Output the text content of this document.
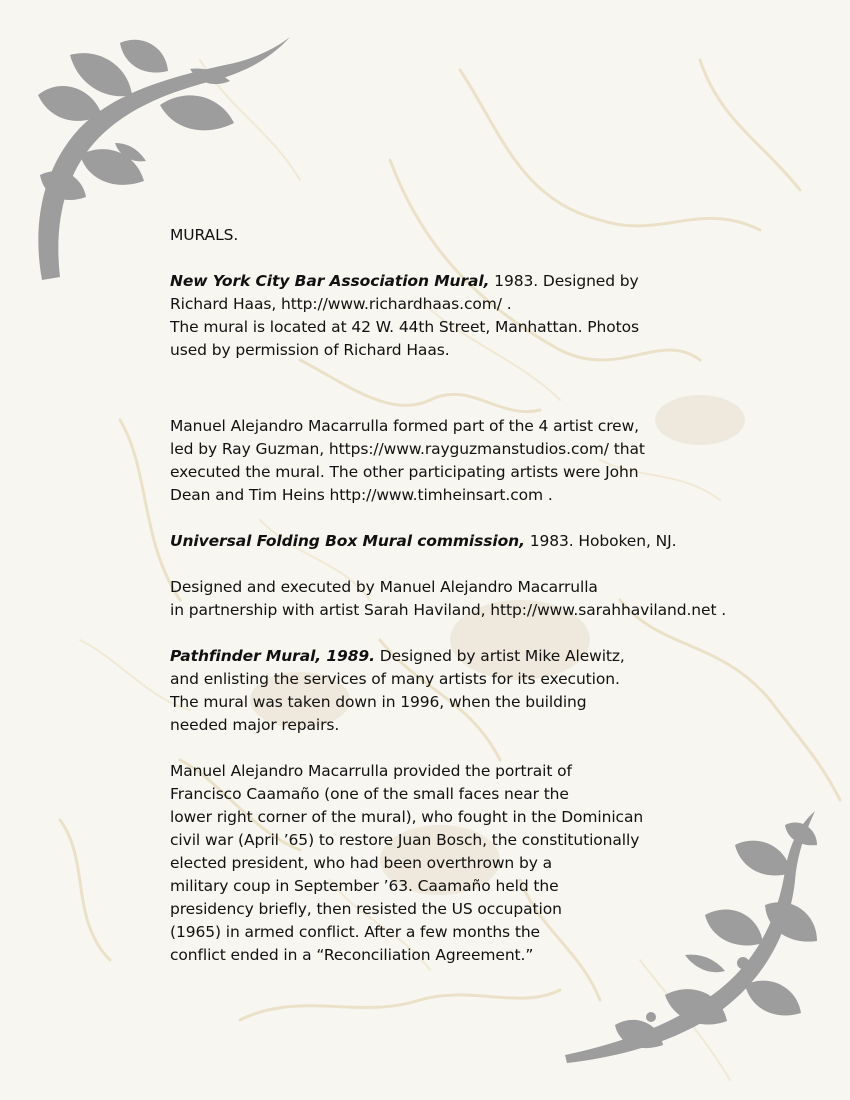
MURALS.

New York City Bar Association Mural, 1983. Designed by

Richard Haas, http://www.richardhaas.com/ .

The mural is located at 42 W. 44th Street, Manhattan. Photos

used by permission of Richard Haas.

Manuel Alejandro Macarrulla formed part of the 4 artist crew,

led by Ray Guzman, https://www.rayguzmanstudios.com/ that

executed the mural. The other participating artists were John

Dean and Tim Heins http://www.timheinsart.com .

Universal Folding Box Mural commission, 1983. Hoboken, NJ.

Designed and executed by Manuel Alejandro Macarrulla

in partnership with artist Sarah Haviland, http://www.sarahhaviland.net .

Pathfinder Mural, 1989. Designed by artist Mike Alewitz,

and enlisting the services of many artists for its execution.

The mural was taken down in 1996, when the building

needed major repairs.

Manuel Alejandro Macarrulla provided the portrait of

Francisco Caamaño (one of the small faces near the

lower right corner of the mural), who fought in the Dominican

civil war (April ’65) to restore Juan Bosch, the constitutionally

elected president, who had been overthrown by a

military coup in September ’63. Caamaño held the

presidency briefly, then resisted the US occupation

(1965) in armed conflict. After a few months the

conflict ended in a “Reconciliation Agreement.”
